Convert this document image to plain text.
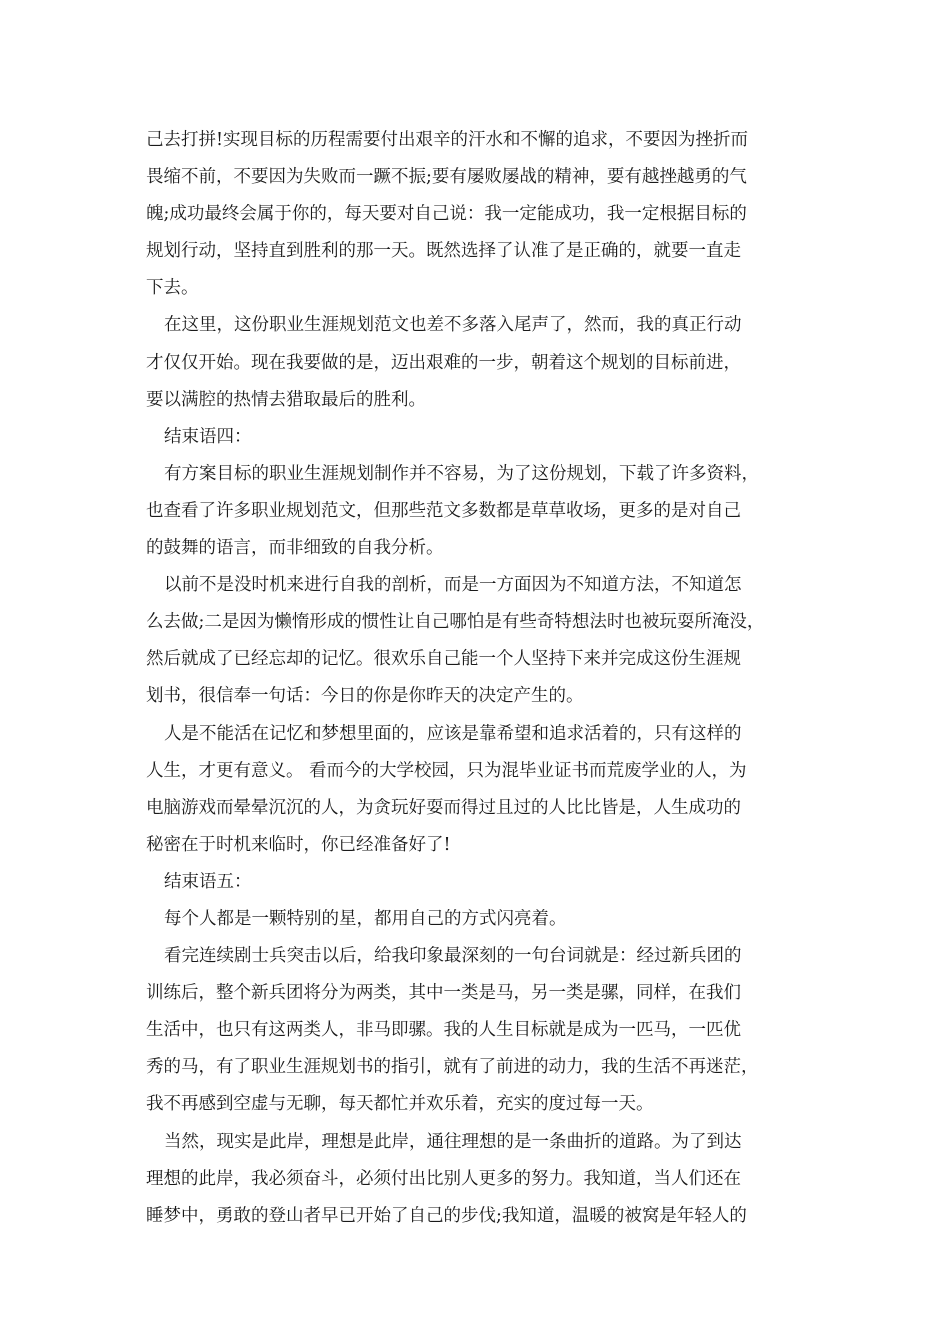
己去打拼!实现目标的历程需要付出艰辛的汗水和不懈的追求，不要因为挫折而
畏缩不前，不要因为失败而一蹶不振;要有屡败屡战的精神，要有越挫越勇的气
魄;成功最终会属于你的，每天要对自己说：我一定能成功，我一定根据目标的
规划行动，坚持直到胜利的那一天。既然选择了认准了是正确的，就要一直走
下去。
在这里，这份职业生涯规划范文也差不多落入尾声了，然而，我的真正行动
才仅仅开始。现在我要做的是，迈出艰难的一步，朝着这个规划的目标前进，
要以满腔的热情去猎取最后的胜利。
结束语四：
有方案目标的职业生涯规划制作并不容易，为了这份规划，下载了许多资料，
也查看了许多职业规划范文，但那些范文多数都是草草收场，更多的是对自己
的鼓舞的语言，而非细致的自我分析。
以前不是没时机来进行自我的剖析，而是一方面因为不知道方法，不知道怎
么去做;二是因为懒惰形成的惯性让自己哪怕是有些奇特想法时也被玩耍所淹没，
然后就成了已经忘却的记忆。很欢乐自己能一个人坚持下来并完成这份生涯规
划书，很信奉一句话：今日的你是你昨天的决定产生的。
人是不能活在记忆和梦想里面的，应该是靠希望和追求活着的，只有这样的
人生，才更有意义。 看而今的大学校园，只为混毕业证书而荒废学业的人，为
电脑游戏而晕晕沉沉的人，为贪玩好耍而得过且过的人比比皆是，人生成功的
秘密在于时机来临时，你已经准备好了!
结束语五：
每个人都是一颗特别的星，都用自己的方式闪亮着。
看完连续剧士兵突击以后，给我印象最深刻的一句台词就是：经过新兵团的
训练后，整个新兵团将分为两类，其中一类是马，另一类是骡，同样，在我们
生活中，也只有这两类人，非马即骡。我的人生目标就是成为一匹马，一匹优
秀的马，有了职业生涯规划书的指引，就有了前进的动力，我的生活不再迷茫，
我不再感到空虚与无聊，每天都忙并欢乐着，充实的度过每一天。
当然，现实是此岸，理想是此岸，通往理想的是一条曲折的道路。为了到达
理想的此岸，我必须奋斗，必须付出比别人更多的努力。我知道，当人们还在
睡梦中，勇敢的登山者早已开始了自己的步伐;我知道，温暖的被窝是年轻人的
